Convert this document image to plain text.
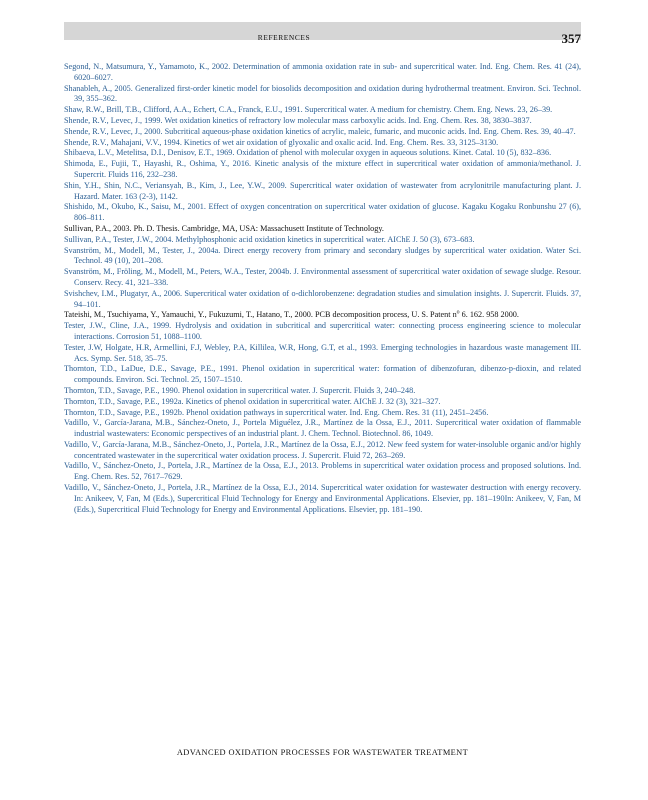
REFERENCES	357

Segond, N., Matsumura, Y., Yamamoto, K., 2002. Determination of ammonia oxidation rate in sub- and supercritical water. Ind. Eng. Chem. Res. 41 (24), 6020–6027.

Shanableh, A., 2005. Generalized first-order kinetic model for biosolids decomposition and oxidation during hydrothermal treatment. Environ. Sci. Technol. 39, 355–362.

Shaw, R.W., Brill, T.B., Clifford, A.A., Echert, C.A., Franck, E.U., 1991. Supercritical water. A medium for chemistry. Chem. Eng. News. 23, 26–39.

Shende, R.V., Levec, J., 1999. Wet oxidation kinetics of refractory low molecular mass carboxylic acids. Ind. Eng. Chem. Res. 38, 3830–3837.

Shende, R.V., Levec, J., 2000. Subcritical aqueous-phase oxidation kinetics of acrylic, maleic, fumaric, and muconic acids. Ind. Eng. Chem. Res. 39, 40–47.

Shende, R.V., Mahajani, V.V., 1994. Kinetics of wet air oxidation of glyoxalic and oxalic acid. Ind. Eng. Chem. Res. 33, 3125–3130.

Shibaeva, L.V., Metelitsa, D.I., Denisov, E.T., 1969. Oxidation of phenol with molecular oxygen in aqueous solutions. Kinet. Catal. 10 (5), 832–836.

Shimoda, E., Fujii, T., Hayashi, R., Oshima, Y., 2016. Kinetic analysis of the mixture effect in supercritical water oxidation of ammonia/methanol. J. Supercrit. Fluids 116, 232–238.

Shin, Y.H., Shin, N.C., Veriansyah, B., Kim, J., Lee, Y.W., 2009. Supercritical water oxidation of wastewater from acrylonitrile manufacturing plant. J. Hazard. Mater. 163 (2-3), 1142.

Shishido, M., Okubo, K., Saisu, M., 2001. Effect of oxygen concentration on supercritical water oxidation of glucose. Kagaku Kogaku Ronbunshu 27 (6), 806–811.

Sullivan, P.A., 2003. Ph. D. Thesis. Cambridge, MA, USA: Massachusett Institute of Technology.

Sullivan, P.A., Tester, J.W., 2004. Methylphosphonic acid oxidation kinetics in supercritical water. AIChE J. 50 (3), 673–683.

Svanström, M., Modell, M., Tester, J., 2004a. Direct energy recovery from primary and secondary sludges by supercritical water oxidation. Water Sci. Technol. 49 (10), 201–208.

Svanström, M., Fröling, M., Modell, M., Peters, W.A., Tester, 2004b. J. Environmental assessment of supercritical water oxidation of sewage sludge. Resour. Conserv. Recy. 41, 321–338.

Svishchev, I.M., Plugatyr, A., 2006. Supercritical water oxidation of o-dichlorobenzene: degradation studies and simulation insights. J. Supercrit. Fluids. 37, 94–101.

Tateishi, M., Tsuchiyama, Y., Yamauchi, Y., Fukuzumi, T., Hatano, T., 2000. PCB decomposition process, U. S. Patent $n^o$ 6. 162. 958 2000.

Tester, J.W., Cline, J.A., 1999. Hydrolysis and oxidation in subcritical and supercritical water: connecting process engineering science to molecular interactions. Corrosion 51, 1088–1100.

Tester, J.W, Holgate, H.R, Armellini, F.J, Webley, P.A, Killilea, W.R, Hong, G.T, et al., 1993. Emerging technologies in hazardous waste management III. Acs. Symp. Ser. 518, 35–75.

Thornton, T.D., LaDue, D.E., Savage, P.E., 1991. Phenol oxidation in supercritical water: formation of dibenzofuran, dibenzo-p-dioxin, and related compounds. Environ. Sci. Technol. 25, 1507–1510.

Thornton, T.D., Savage, P.E., 1990. Phenol oxidation in supercritical water. J. Supercrit. Fluids 3, 240–248.

Thornton, T.D., Savage, P.E., 1992a. Kinetics of phenol oxidation in supercritical water. AIChE J. 32 (3), 321–327.

Thornton, T.D., Savage, P.E., 1992b. Phenol oxidation pathways in supercritical water. Ind. Eng. Chem. Res. 31 (11), 2451–2456.

Vadillo, V., García-Jarana, M.B., Sánchez-Oneto, J., Portela Miguélez, J.R., Martínez de la Ossa, E.J., 2011. Supercritical water oxidation of flammable industrial wastewaters: Economic perspectives of an industrial plant. J. Chem. Technol. Biotechnol. 86, 1049.

Vadillo, V., García-Jarana, M.B., Sánchez-Oneto, J., Portela, J.R., Martínez de la Ossa, E.J., 2012. New feed system for water-insoluble organic and/or highly concentrated wastewater in the supercritical water oxidation process. J. Supercrit. Fluid 72, 263–269.

Vadillo, V., Sánchez-Oneto, J., Portela, J.R., Martínez de la Ossa, E.J., 2013. Problems in supercritical water oxidation process and proposed solutions. Ind. Eng. Chem. Res. 52, 7617–7629.

Vadillo, V., Sánchez-Oneto, J., Portela, J.R., Martínez de la Ossa, E.J., 2014. Supercritical water oxidation for wastewater destruction with energy recovery. In: Anikeev, V, Fan, M (Eds.), Supercritical Fluid Technology for Energy and Environmental Applications. Elsevier, pp. 181–190In: Anikeev, V, Fan, M (Eds.), Supercritical Fluid Technology for Energy and Environmental Applications. Elsevier, pp. 181–190.

ADVANCED OXIDATION PROCESSES FOR WASTEWATER TREATMENT
